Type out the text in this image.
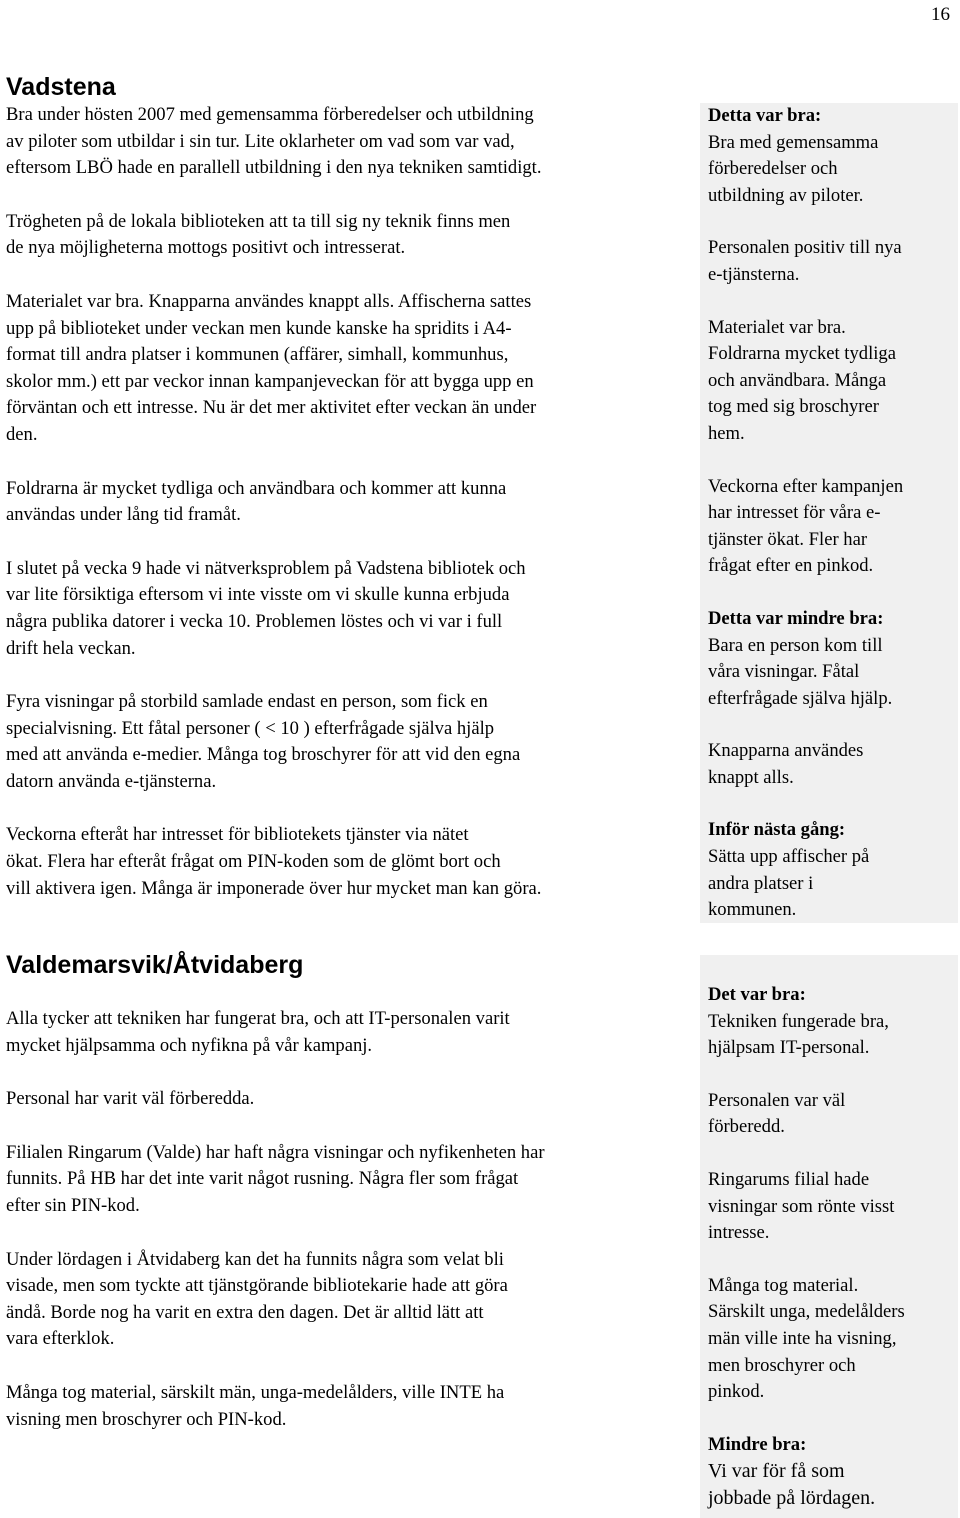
16
Vadstena

Bra under hösten 2007 med gemensamma förberedelser och utbildning
av piloter som utbildar i sin tur. Lite oklarheter om vad som var vad,
eftersom LBÖ hade en parallell utbildning i den nya tekniken samtidigt.

Trögheten på de lokala biblioteken att ta till sig ny teknik finns men
de nya möjligheterna mottogs positivt och intresserat.

Materialet var bra. Knapparna användes knappt alls. Affischerna sattes
upp på biblioteket under veckan men kunde kanske ha spridits i A4-
format till andra platser i kommunen (affärer, simhall, kommunhus,
skolor mm.) ett par veckor innan kampanjeveckan för att bygga upp en
förväntan och ett intresse. Nu är det mer aktivitet efter veckan än under
den.

Foldrarna är mycket tydliga och användbara och kommer att kunna
användas under lång tid framåt.

I slutet på vecka 9 hade vi nätverksproblem på Vadstena bibliotek och
var lite försiktiga eftersom vi inte visste om vi skulle kunna erbjuda
några publika datorer i vecka 10. Problemen löstes och vi var i full
drift hela veckan.

Fyra visningar på storbild samlade endast en person, som fick en
specialvisning. Ett fåtal personer ( < 10 ) efterfrågade själva hjälp
med att använda e-medier. Många tog broschyrer för att vid den egna
datorn använda e-tjänsterna.

Veckorna efteråt har intresset för bibliotekets tjänster via nätet
ökat. Flera har efteråt frågat om PIN-koden som de glömt bort och
vill aktivera igen. Många är imponerade över hur mycket man kan göra.

Detta var bra:

Bra med gemensamma
förberedelser och
utbildning av piloter.

Personalen positiv till nya
e-tjänsterna.

Materialet var bra.
Foldrarna mycket tydliga
och användbara. Många
tog med sig broschyrer
hem.

Veckorna efter kampanjen
har intresset för våra e-
tjänster ökat. Fler har
frågat efter en pinkod.

Detta var mindre bra:

Bara en person kom till
våra visningar. Fåtal
efterfrågade själva hjälp.

Knapparna användes
knappt alls.

Inför nästa gång:

Sätta upp affischer på
andra platser i
kommunen.

Valdemarsvik/Åtvidaberg

Alla tycker att tekniken har fungerat bra, och att IT-personalen varit
mycket hjälpsamma och nyfikna på vår kampanj.

Personal har varit väl förberedda.

Filialen Ringarum (Valde) har haft några visningar och nyfikenheten har
funnits. På HB har det inte varit något rusning. Några fler som frågat
efter sin PIN-kod.

Under lördagen i Åtvidaberg kan det ha funnits några som velat bli
visade, men som tyckte att tjänstgörande bibliotekarie hade att göra
ändå. Borde nog ha varit en extra den dagen. Det är alltid lätt att
vara efterklok.

Många tog material, särskilt män, unga-medelålders, ville INTE ha
visning men broschyrer och PIN-kod.

Det var bra:

Tekniken fungerade bra,
hjälpsam IT-personal.

Personalen var väl
förberedd.

Ringarums filial hade
visningar som rönte visst
intresse.

Många tog material.
Särskilt unga, medelålders
män ville inte ha visning,
men broschyrer och
pinkod.

Mindre bra:

Vi var för få som
jobbade på lördagen.
